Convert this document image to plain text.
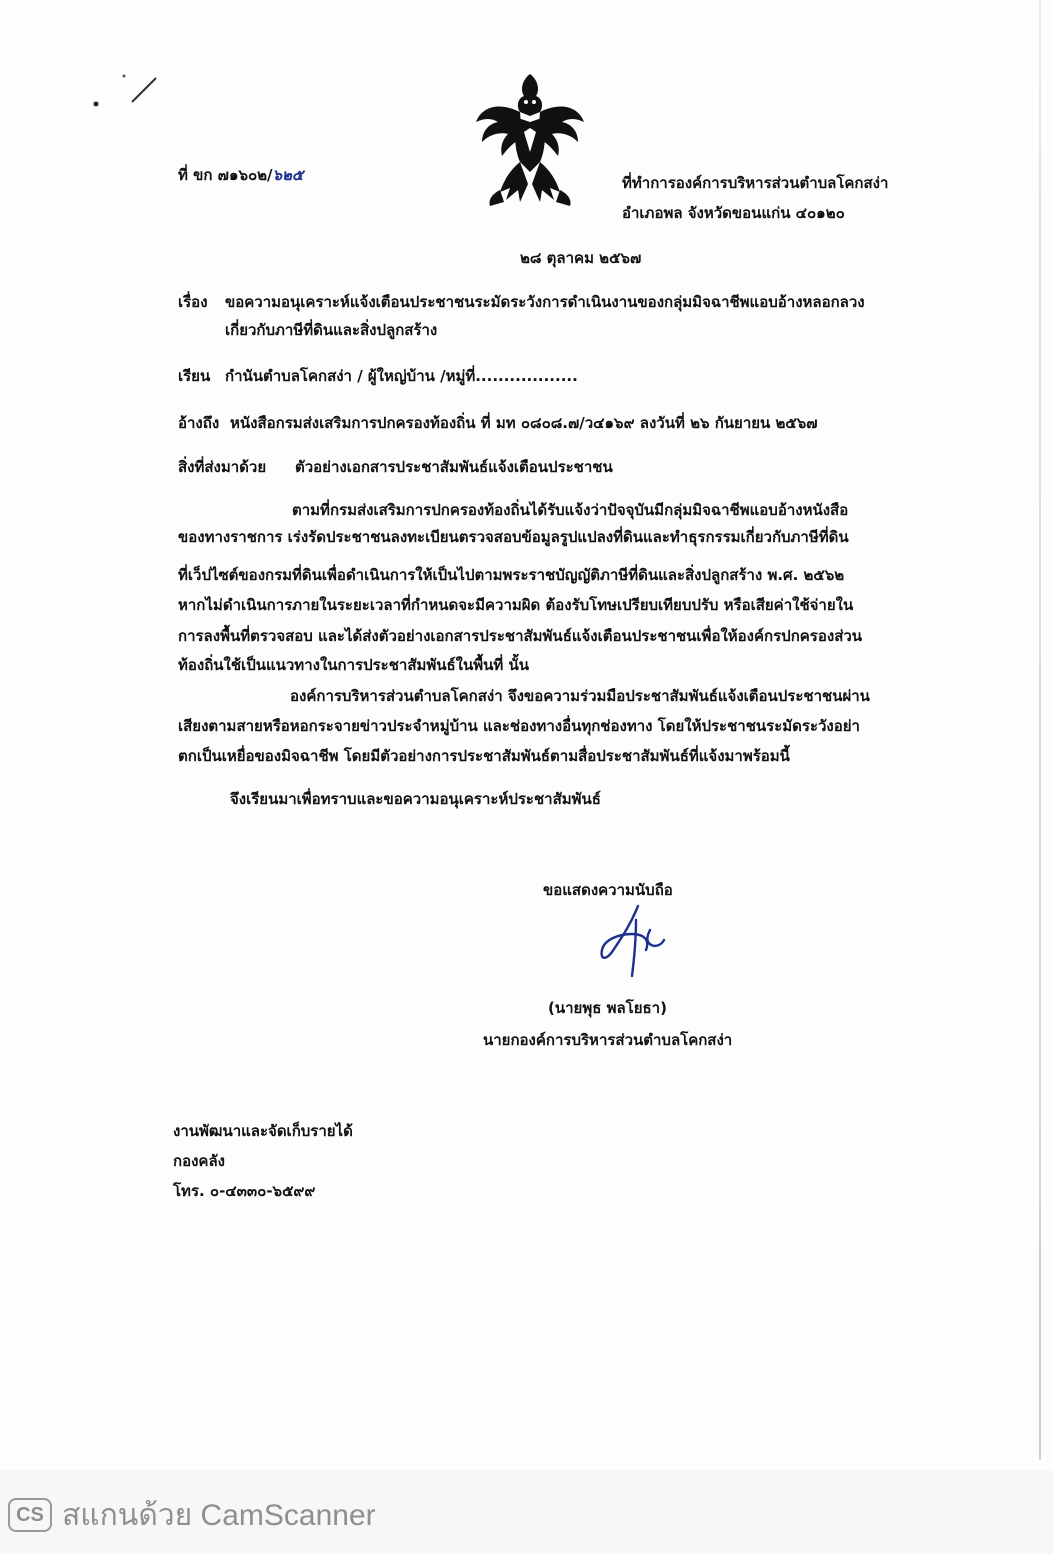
ที่ ขก ๗๑๖๐๒/๖๒๕	ที่ทำการองค์การบริหารส่วนตำบลโคกสง่า
อำเภอพล จังหวัดขอนแก่น ๔๐๑๒๐
๒๘ ตุลาคม ๒๕๖๗
เรื่อง ขอความอนุเคราะห์แจ้งเตือนประชาชนระมัดระวังการดำเนินงานของกลุ่มมิจฉาชีพแอบอ้างหลอกลวง
เกี่ยวกับภาษีที่ดินและสิ่งปลูกสร้าง
เรียน กำนันตำบลโคกสง่า / ผู้ใหญ่บ้าน /หมู่ที่..................
อ้างถึง หนังสือกรมส่งเสริมการปกครองท้องถิ่น ที่ มท ๐๘๐๘.๗/ว๔๑๖๙ ลงวันที่ ๒๖ กันยายน ๒๕๖๗
สิ่งที่ส่งมาด้วย ตัวอย่างเอกสารประชาสัมพันธ์แจ้งเตือนประชาชน
ตามที่กรมส่งเสริมการปกครองท้องถิ่นได้รับแจ้งว่าปัจจุบันมีกลุ่มมิจฉาชีพแอบอ้างหนังสือ
ของทางราชการ เร่งรัดประชาชนลงทะเบียนตรวจสอบข้อมูลรูปแปลงที่ดินและทำธุรกรรมเกี่ยวกับภาษีที่ดิน
ที่เว็ปไซต์ของกรมที่ดินเพื่อดำเนินการให้เป็นไปตามพระราชบัญญัติภาษีที่ดินและสิ่งปลูกสร้าง พ.ศ. ๒๕๖๒
หากไม่ดำเนินการภายในระยะเวลาที่กำหนดจะมีความผิด ต้องรับโทษเปรียบเทียบปรับ หรือเสียค่าใช้จ่ายใน
การลงพื้นที่ตรวจสอบ และได้ส่งตัวอย่างเอกสารประชาสัมพันธ์แจ้งเตือนประชาชนเพื่อให้องค์กรปกครองส่วน
ท้องถิ่นใช้เป็นแนวทางในการประชาสัมพันธ์ในพื้นที่ นั้น
องค์การบริหารส่วนตำบลโคกสง่า จึงขอความร่วมมือประชาสัมพันธ์แจ้งเตือนประชาชนผ่าน
เสียงตามสายหรือหอกระจายข่าวประจำหมู่บ้าน และช่องทางอื่นทุกช่องทาง โดยให้ประชาชนระมัดระวังอย่า
ตกเป็นเหยื่อของมิจฉาชีพ โดยมีตัวอย่างการประชาสัมพันธ์ตามสื่อประชาสัมพันธ์ที่แจ้งมาพร้อมนี้
จึงเรียนมาเพื่อทราบและขอความอนุเคราะห์ประชาสัมพันธ์
ขอแสดงความนับถือ
(นายพุธ พลโยธา)
นายกองค์การบริหารส่วนตำบลโคกสง่า
งานพัฒนาและจัดเก็บรายได้
กองคลัง
โทร. ๐-๔๓๓๐-๖๕๙๙
CS สแกนด้วย CamScanner
